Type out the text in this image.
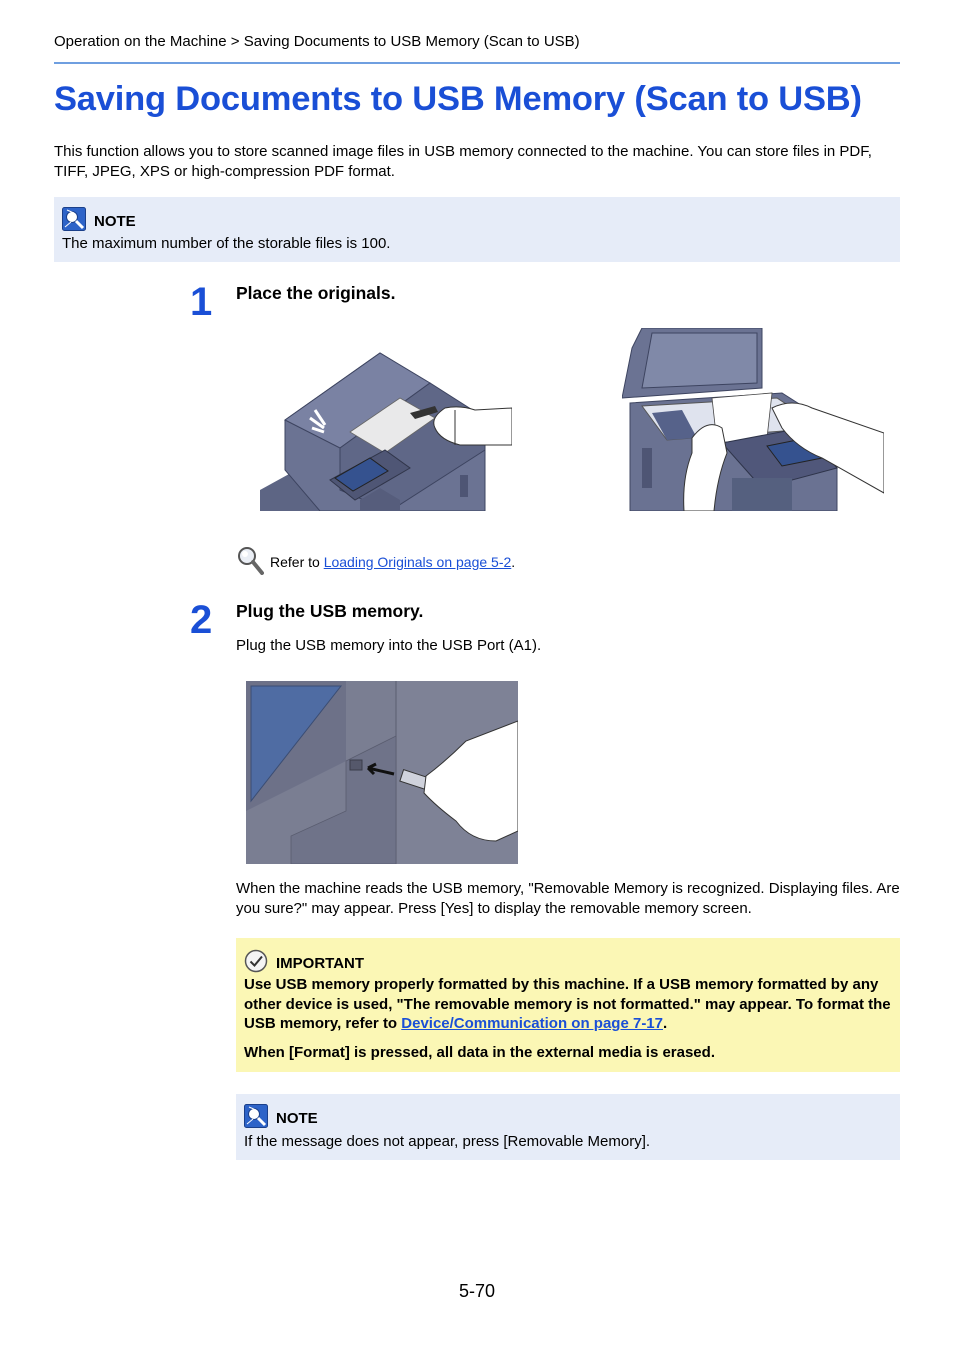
Operation on the Machine > Saving Documents to USB Memory (Scan to USB)
Saving Documents to USB Memory (Scan to USB)
This function allows you to store scanned image files in USB memory connected to the machine. You can store files in PDF, TIFF, JPEG, XPS or high-compression PDF format.
NOTE
The maximum number of the storable files is 100.
1 Place the originals.
Refer to Loading Originals on page 5-2.
2 Plug the USB memory.
Plug the USB memory into the USB Port (A1).
When the machine reads the USB memory, "Removable Memory is recognized. Displaying files. Are you sure?" may appear. Press [Yes] to display the removable memory screen.
IMPORTANT
Use USB memory properly formatted by this machine. If a USB memory formatted by any other device is used, "The removable memory is not formatted." may appear. To format the USB memory, refer to Device/Communication on page 7-17.
When [Format] is pressed, all data in the external media is erased.
NOTE
If the message does not appear, press [Removable Memory].
5-70
